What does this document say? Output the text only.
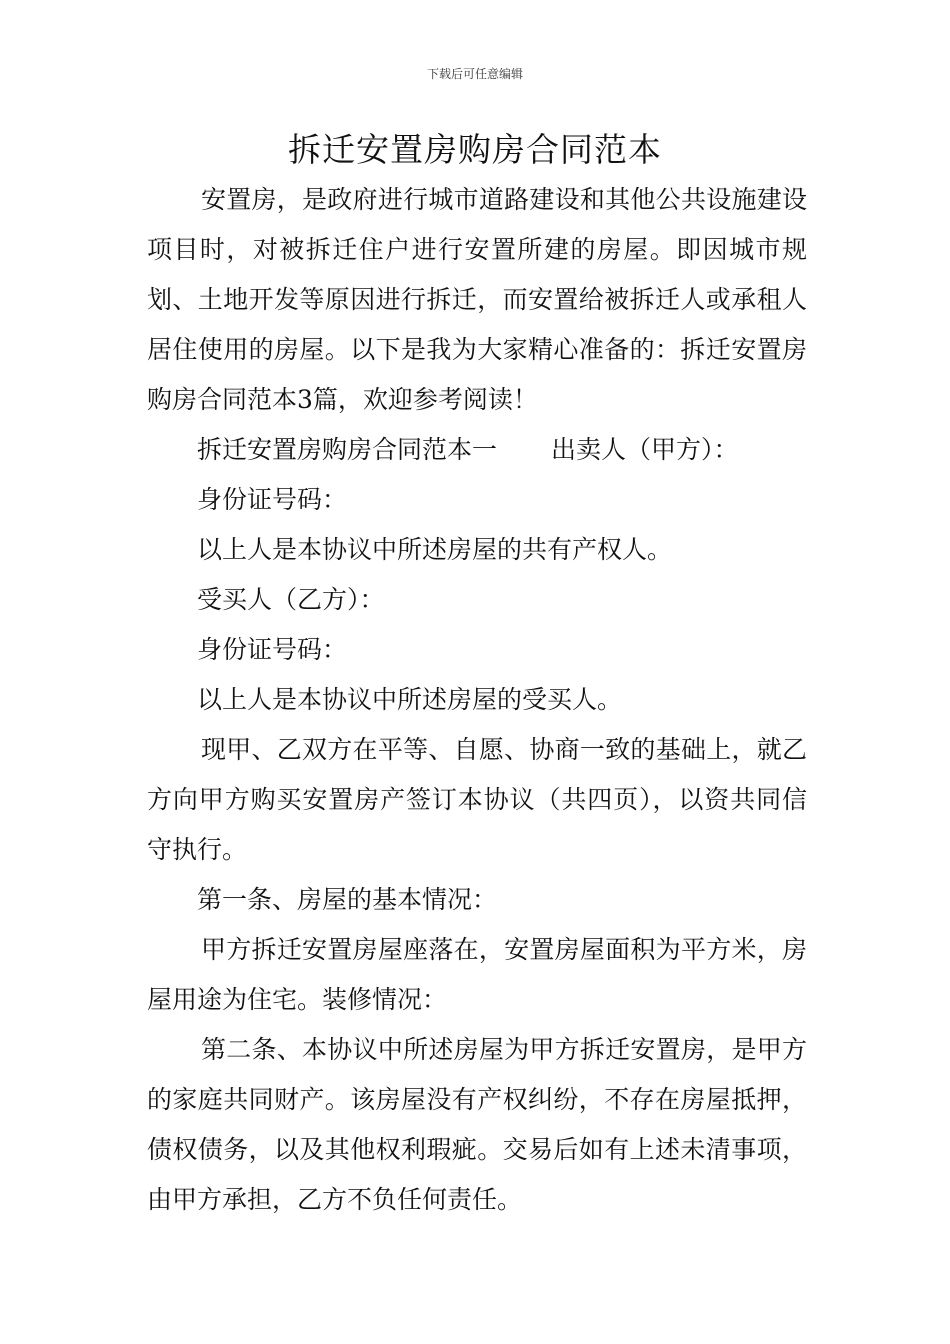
下载后可任意编辑
拆迁安置房购房合同范本

安置房，是政府进行城市道路建设和其他公共设施建设项目时，对被拆迁住户进行安置所建的房屋。即因城市规划、土地开发等原因进行拆迁，而安置给被拆迁人或承租人居住使用的房屋。以下是我为大家精心准备的：拆迁安置房购房合同范本3篇，欢迎参考阅读！

拆迁安置房购房合同范本一 出卖人（甲方）：

身份证号码：

以上人是本协议中所述房屋的共有产权人。

受买人（乙方）：

身份证号码：

以上人是本协议中所述房屋的受买人。

现甲、乙双方在平等、自愿、协商一致的基础上，就乙方向甲方购买安置房产签订本协议（共四页），以资共同信守执行。

第一条、房屋的基本情况：

甲方拆迁安置房屋座落在，安置房屋面积为平方米，房屋用途为住宅。装修情况：

第二条、本协议中所述房屋为甲方拆迁安置房，是甲方的家庭共同财产。该房屋没有产权纠纷，不存在房屋抵押，债权债务，以及其他权利瑕疵。交易后如有上述未清事项，由甲方承担，乙方不负任何责任。
